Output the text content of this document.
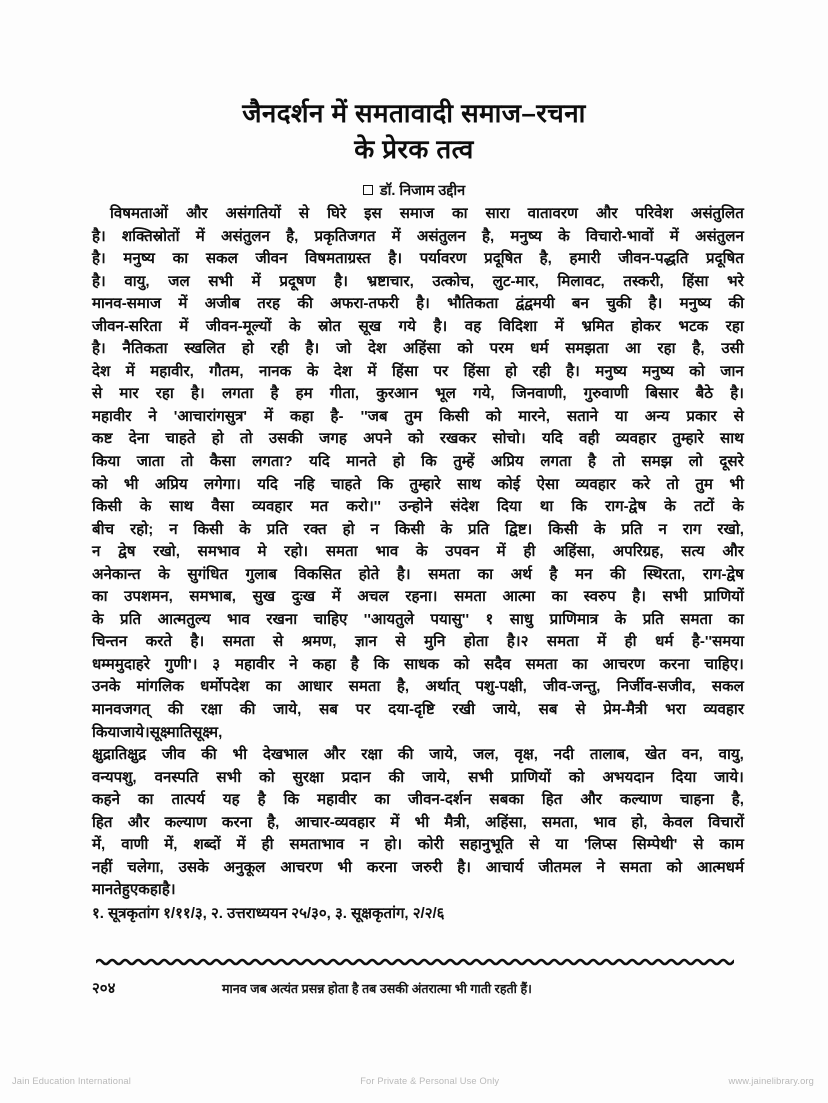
जैनदर्शन में समतावादी समाज–रचना
के प्रेरक तत्व
डॉ. निजाम उद्दीन
विषमताओं और असंगतियों से घिरे इस समाज का सारा वातावरण और परिवेश असंतुलित
है। शक्तिस्रोतों में असंतुलन है, प्रकृतिजगत में असंतुलन है, मनुष्य के विचारो-भावों में असंतुलन
है। मनुष्य का सकल जीवन विषमताग्रस्त है। पर्यावरण प्रदूषित है, हमारी जीवन-पद्धति प्रदूषित
है। वायु, जल सभी में प्रदूषण है। भ्रष्टाचार, उत्कोच, लुट-मार, मिलावट, तस्करी, हिंसा भरे
मानव-समाज में अजीब तरह की अफरा-तफरी है। भौतिकता द्वंद्वमयी बन चुकी है। मनुष्य की
जीवन-सरिता में जीवन-मूल्यों के स्रोत सूख गये है। वह विदिशा में भ्रमित होकर भटक रहा
है। नैतिकता स्खलित हो रही है। जो देश अहिंसा को परम धर्म समझता आ रहा है, उसी
देश में महावीर, गौतम, नानक के देश में हिंसा पर हिंसा हो रही है। मनुष्य मनुष्य को जान
से मार रहा है। लगता है हम गीता, कुरआन भूल गये, जिनवाणी, गुरुवाणी बिसार बैठे है।
महावीर ने 'आचारांगसुत्र' में कहा है- ''जब तुम किसी को मारने, सताने या अन्य प्रकार से
कष्ट देना चाहते हो तो उसकी जगह अपने को रखकर सोचो। यदि वही व्यवहार तुम्हारे साथ
किया जाता तो कैसा लगता? यदि मानते हो कि तुम्हें अप्रिय लगता है तो समझ लो दूसरे
को भी अप्रिय लगेगा। यदि नहि चाहते कि तुम्हारे साथ कोई ऐसा व्यवहार करे तो तुम भी
किसी के साथ वैसा व्यवहार मत करो।'' उन्होने संदेश दिया था कि राग-द्वेष के तटों के
बीच रहो; न किसी के प्रति रक्त हो न किसी के प्रति द्विष्ट। किसी के प्रति न राग रखो,
न द्वेष रखो, समभाव मे रहो। समता भाव के उपवन में ही अहिंसा, अपरिग्रह, सत्य और
अनेकान्त के सुगंधित गुलाब विकसित होते है। समता का अर्थ है मन की स्थिरता, राग-द्वेष
का उपशमन, समभाब, सुख दुःख में अचल रहना। समता आत्मा का स्वरुप है। सभी प्राणियों
के प्रति आत्मतुल्य भाव रखना चाहिए ''आयतुले पयासु'' १ साधु प्राणिमात्र के प्रति समता का
चिन्तन करते है। समता से श्रमण, ज्ञान से मुनि होता है।२ समता में ही धर्म है-''समया
धम्ममुदाहरे गुणी'। ३ महावीर ने कहा है कि साधक को सदैव समता का आचरण करना चाहिए।
उनके मांगलिक धर्मोपदेश का आधार समता है, अर्थात् पशु-पक्षी, जीव-जन्तु, निर्जीव-सजीव, सकल
मानवजगत् की रक्षा की जाये, सब पर दया-दृष्टि रखी जाये, सब से प्रेम-मैत्री भरा व्यवहार
किया जाये। सूक्ष्मातिसूक्ष्म,
क्षुद्रातिक्षुद्र जीव की भी देखभाल और रक्षा की जाये, जल, वृक्ष, नदी तालाब, खेत वन, वायु,
वन्यपशु, वनस्पति सभी को सुरक्षा प्रदान की जाये, सभी प्राणियों को अभयदान दिया जाये।
कहने का तात्पर्य यह है कि महावीर का जीवन-दर्शन सबका हित और कल्याण चाहना है,
हित और कल्याण करना है, आचार-व्यवहार में भी मैत्री, अहिंसा, समता, भाव हो, केवल विचारों
में, वाणी में, शब्दों में ही समताभाव न हो। कोरी सहानुभूति से या 'लिप्स सिम्पेथी' से काम
नहीं चलेगा, उसके अनुकूल आचरण भी करना जरुरी है। आचार्य जीतमल ने समता को आत्मधर्म
मानते हुए कहा है।
१. सूत्रकृतांग १/११/३, २. उत्तराध्ययन २५/३०, ३. सूक्षकृतांग, २/२/६
२०४	मानव जब अत्यंत प्रसन्न होता है तब उसकी अंतरात्मा भी गाती रहती हैं।
Jain Education International	For Private & Personal Use Only	www.jainelibrary.org
